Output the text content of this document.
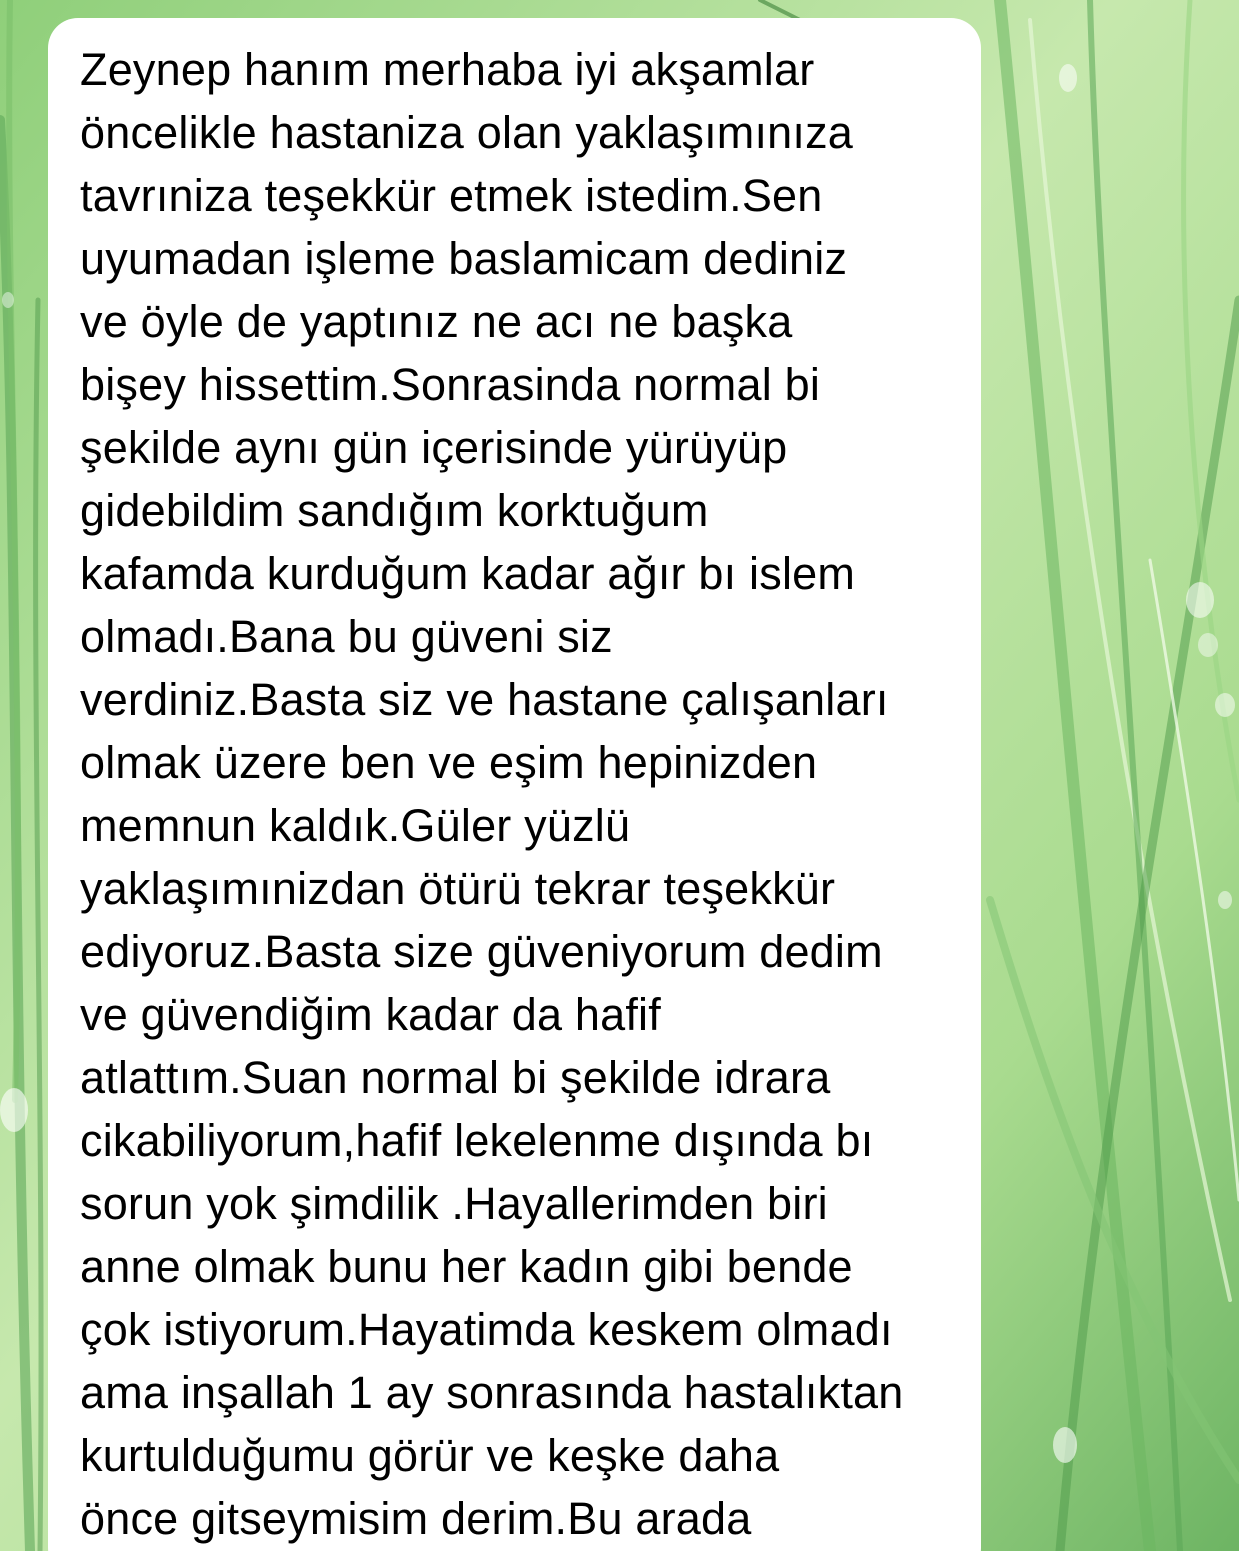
Zeynep hanım merhaba iyi akşamlar
öncelikle hastaniza olan yaklaşımınıza
tavrıniza teşekkür etmek istedim.Sen
uyumadan işleme baslamicam dediniz
ve öyle de yaptınız ne acı ne başka
bişey hissettim.Sonrasinda normal bi
şekilde aynı gün içerisinde yürüyüp
gidebildim sandığım korktuğum
kafamda kurduğum kadar ağır bı islem
olmadı.Bana bu güveni siz
verdiniz.Basta siz ve hastane çalışanları
olmak üzere ben ve eşim hepinizden
memnun kaldık.Güler yüzlü
yaklaşımınizdan ötürü tekrar teşekkür
ediyoruz.Basta size güveniyorum dedim
ve güvendiğim kadar da hafif
atlattım.Suan normal bi şekilde idrara
cikabiliyorum,hafif lekelenme dışında bı
sorun yok şimdilik .Hayallerimden biri
anne olmak bunu her kadın gibi bende
çok istiyorum.Hayatimda keskem olmadı
ama inşallah 1 ay sonrasında hastalıktan
kurtulduğumu görür ve keşke daha
önce gitseymisim derim.Bu arada
